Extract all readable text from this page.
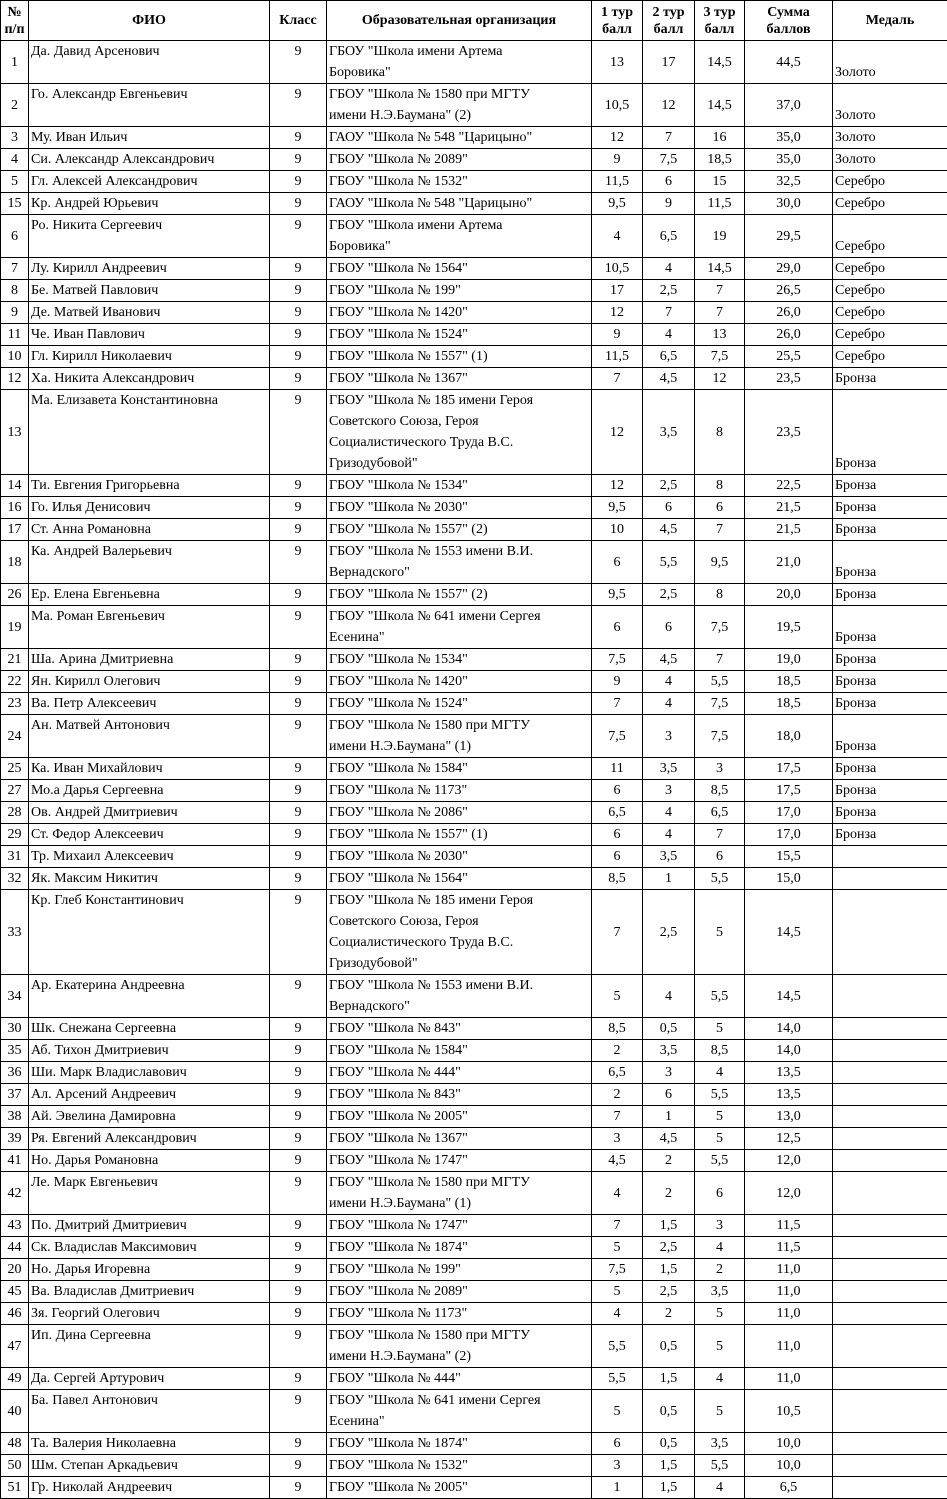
№ п/п	ФИО	Класс	Образовательная организация	1 тур балл	2 тур балл	3 тур балл	Сумма баллов	Медаль
1	Да. Давид Арсенович	9	ГБОУ "Школа имени Артема
Боровика"	13	17	14,5	44,5	Золото
2	Го. Александр Евгеньевич	9	ГБОУ "Школа № 1580 при МГТУ
имени Н.Э.Баумана" (2)	10,5	12	14,5	37,0	Золото
3	Му. Иван Ильич	9	ГАОУ "Школа № 548 "Царицыно"	12	7	16	35,0	Золото
4	Си. Александр Александрович	9	ГБОУ "Школа № 2089"	9	7,5	18,5	35,0	Золото
5	Гл. Алексей Александрович	9	ГБОУ "Школа № 1532"	11,5	6	15	32,5	Серебро
15	Кр. Андрей Юрьевич	9	ГАОУ "Школа № 548 "Царицыно"	9,5	9	11,5	30,0	Серебро
6	Ро. Никита Сергеевич	9	ГБОУ "Школа имени Артема
Боровика"	4	6,5	19	29,5	Серебро
7	Лу. Кирилл Андреевич	9	ГБОУ "Школа № 1564"	10,5	4	14,5	29,0	Серебро
8	Бе. Матвей Павлович	9	ГБОУ "Школа № 199"	17	2,5	7	26,5	Серебро
9	Де. Матвей Иванович	9	ГБОУ "Школа № 1420"	12	7	7	26,0	Серебро
11	Че. Иван Павлович	9	ГБОУ "Школа № 1524"	9	4	13	26,0	Серебро
10	Гл. Кирилл Николаевич	9	ГБОУ "Школа № 1557" (1)	11,5	6,5	7,5	25,5	Серебро
12	Ха. Никита Александрович	9	ГБОУ "Школа № 1367"	7	4,5	12	23,5	Бронза
13	Ма. Елизавета Константиновна	9	ГБОУ "Школа № 185 имени Героя
Советского Союза, Героя
Социалистического Труда В.С.
Гризодубовой"	12	3,5	8	23,5	Бронза
14	Ти. Евгения Григорьевна	9	ГБОУ "Школа № 1534"	12	2,5	8	22,5	Бронза
16	Го. Илья Денисович	9	ГБОУ "Школа № 2030"	9,5	6	6	21,5	Бронза
17	Ст. Анна Романовна	9	ГБОУ "Школа № 1557" (2)	10	4,5	7	21,5	Бронза
18	Ка. Андрей Валерьевич	9	ГБОУ "Школа № 1553 имени В.И.
Вернадского"	6	5,5	9,5	21,0	Бронза
26	Ер. Елена Евгеньевна	9	ГБОУ "Школа № 1557" (2)	9,5	2,5	8	20,0	Бронза
19	Ма. Роман Евгеньевич	9	ГБОУ "Школа № 641 имени Сергея
Есенина"	6	6	7,5	19,5	Бронза
21	Ша. Арина Дмитриевна	9	ГБОУ "Школа № 1534"	7,5	4,5	7	19,0	Бронза
22	Ян. Кирилл Олегович	9	ГБОУ "Школа № 1420"	9	4	5,5	18,5	Бронза
23	Ва. Петр Алексеевич	9	ГБОУ "Школа № 1524"	7	4	7,5	18,5	Бронза
24	Ан. Матвей Антонович	9	ГБОУ "Школа № 1580 при МГТУ
имени Н.Э.Баумана" (1)	7,5	3	7,5	18,0	Бронза
25	Ка. Иван Михайлович	9	ГБОУ "Школа № 1584"	11	3,5	3	17,5	Бронза
27	Мо.а Дарья Сергеевна	9	ГБОУ "Школа № 1173"	6	3	8,5	17,5	Бронза
28	Ов. Андрей Дмитриевич	9	ГБОУ "Школа № 2086"	6,5	4	6,5	17,0	Бронза
29	Ст. Федор Алексеевич	9	ГБОУ "Школа № 1557" (1)	6	4	7	17,0	Бронза
31	Тр. Михаил Алексеевич	9	ГБОУ "Школа № 2030"	6	3,5	6	15,5	
32	Як. Максим Никитич	9	ГБОУ "Школа № 1564"	8,5	1	5,5	15,0	
33	Кр. Глеб Константинович	9	ГБОУ "Школа № 185 имени Героя
Советского Союза, Героя
Социалистического Труда В.С.
Гризодубовой"	7	2,5	5	14,5	
34	Ар. Екатерина Андреевна	9	ГБОУ "Школа № 1553 имени В.И.
Вернадского"	5	4	5,5	14,5	
30	Шк. Снежана Сергеевна	9	ГБОУ "Школа № 843"	8,5	0,5	5	14,0	
35	Аб. Тихон Дмитриевич	9	ГБОУ "Школа № 1584"	2	3,5	8,5	14,0	
36	Ши. Марк Владиславович	9	ГБОУ "Школа № 444"	6,5	3	4	13,5	
37	Ал. Арсений Андреевич	9	ГБОУ "Школа № 843"	2	6	5,5	13,5	
38	Ай. Эвелина Дамировна	9	ГБОУ "Школа № 2005"	7	1	5	13,0	
39	Ря. Евгений Александрович	9	ГБОУ "Школа № 1367"	3	4,5	5	12,5	
41	Но. Дарья Романовна	9	ГБОУ "Школа № 1747"	4,5	2	5,5	12,0	
42	Ле. Марк Евгеньевич	9	ГБОУ "Школа № 1580 при МГТУ
имени Н.Э.Баумана" (1)	4	2	6	12,0	
43	По. Дмитрий Дмитриевич	9	ГБОУ "Школа № 1747"	7	1,5	3	11,5	
44	Ск. Владислав Максимович	9	ГБОУ "Школа № 1874"	5	2,5	4	11,5	
20	Но. Дарья Игоревна	9	ГБОУ "Школа № 199"	7,5	1,5	2	11,0	
45	Ва. Владислав Дмитриевич	9	ГБОУ "Школа № 2089"	5	2,5	3,5	11,0	
46	Зя. Георгий Олегович	9	ГБОУ "Школа № 1173"	4	2	5	11,0	
47	Ип. Дина Сергеевна	9	ГБОУ "Школа № 1580 при МГТУ
имени Н.Э.Баумана" (2)	5,5	0,5	5	11,0	
49	Да. Сергей Артурович	9	ГБОУ "Школа № 444"	5,5	1,5	4	11,0	
40	Ба. Павел Антонович	9	ГБОУ "Школа № 641 имени Сергея
Есенина"	5	0,5	5	10,5	
48	Та. Валерия Николаевна	9	ГБОУ "Школа № 1874"	6	0,5	3,5	10,0	
50	Шм. Степан Аркадьевич	9	ГБОУ "Школа № 1532"	3	1,5	5,5	10,0	
51	Гр. Николай Андреевич	9	ГБОУ "Школа № 2005"	1	1,5	4	6,5	
